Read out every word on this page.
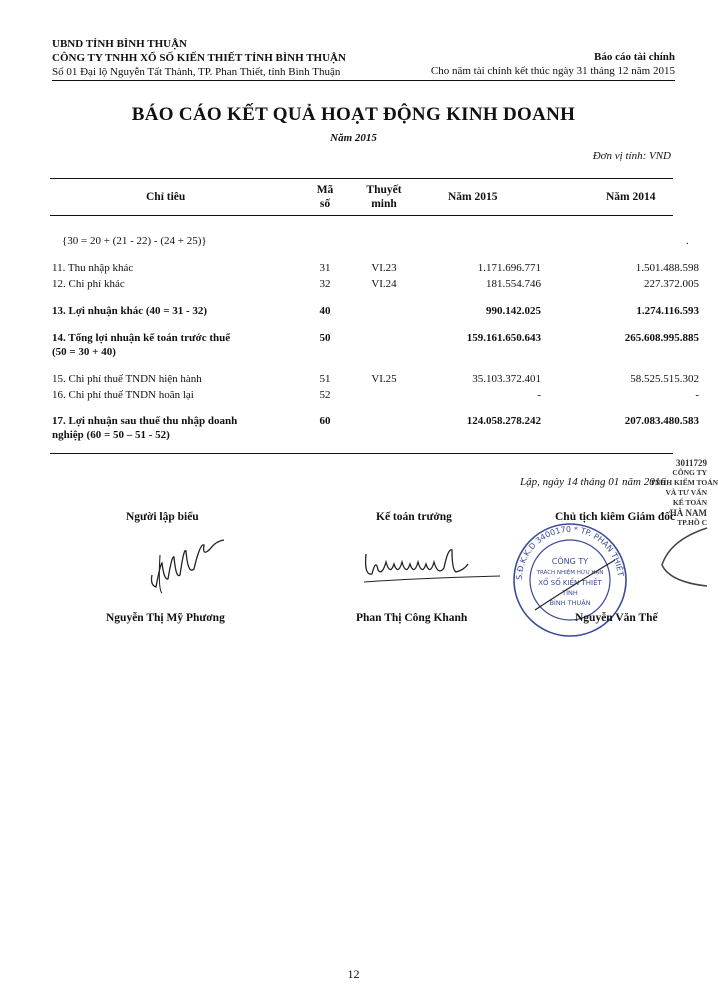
UBND TỈNH BÌNH THUẬN
CÔNG TY TNHH XỔ SỐ KIẾN THIẾT TỈNH BÌNH THUẬN
Số 01 Đại lộ Nguyễn Tất Thành, TP. Phan Thiết, tỉnh Bình Thuận
Báo cáo tài chính
Cho năm tài chính kết thúc ngày 31 tháng 12 năm 2015
BÁO CÁO KẾT QUẢ HOẠT ĐỘNG KINH DOANH
Năm 2015
Đơn vị tính: VND
Chỉ tiêu
Mã
số
Thuyết
minh
Năm 2015	Năm 2014
{30 = 20 + (21 - 22) - (24 + 25)}	.
11. Thu nhập khác	31	VI.23	1.171.696.771	1.501.488.598
12. Chi phí khác	32	VI.24	181.554.746	227.372.005
13. Lợi nhuận khác (40 = 31 - 32)	40	990.142.025	1.274.116.593
14. Tổng lợi nhuận kế toán trước thuế
(50 = 30 + 40)
50	159.161.650.643	265.608.995.885
15. Chi phí thuế TNDN hiện hành	51	VI.25	35.103.372.401	58.525.515.302
16. Chi phí thuế TNDN hoãn lại	52	-	-
17. Lợi nhuận sau thuế thu nhập doanh
nghiệp (60 = 50 – 51 - 52)
60	124.058.278.242	207.083.480.583
3011729
CÔNG TY
TNHH KIỂM TOÁN
VÀ TƯ VẤN
KẾ TOÁN
HÀ NAM
TP.HỒ C
Lập, ngày 14 tháng 01 năm 2016
Người lập biểu	Kế toán trưởng	Chủ tịch kiêm Giám đốc
S.Đ.K.K.D 3400170 * TP. PHAN THIẾT
CÔNG TY
TRÁCH NHIỆM HỮU HẠN
XỔ SỐ KIẾN THIẾT
TỈNH
BÌNH THUẬN
Nguyễn Thị Mỹ Phương	Phan Thị Công Khanh	Nguyễn Văn Thế
12
